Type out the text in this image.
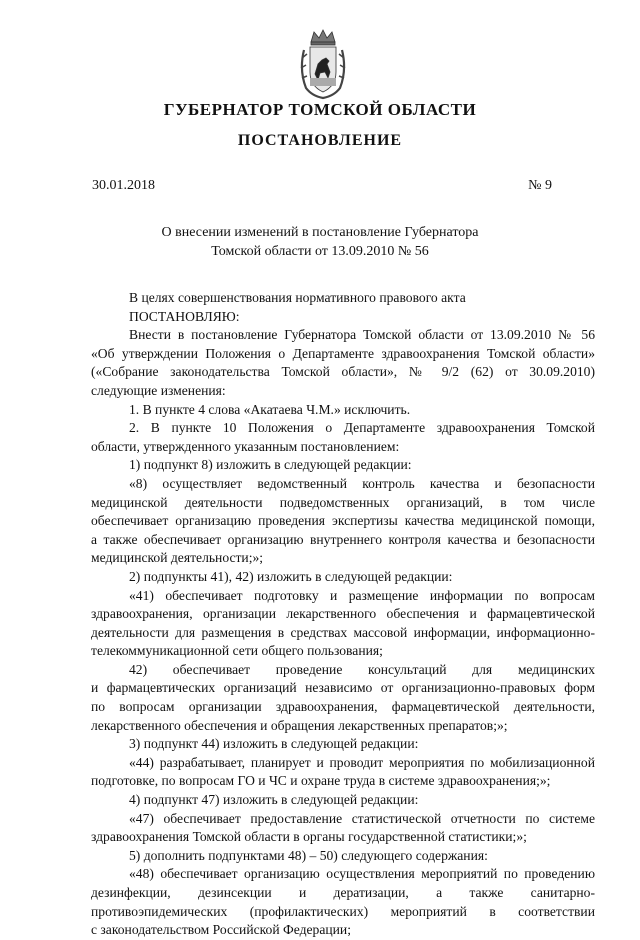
ГУБЕРНАТОР ТОМСКОЙ ОБЛАСТИ
ПОСТАНОВЛЕНИЕ
30.01.2018	№ 9
О внесении изменений в постановление Губернатора
Томской области от 13.09.2010 № 56
В целях совершенствования нормативного правового акта
ПОСТАНОВЛЯЮ:
Внести в постановление Губернатора Томской области от 13.09.2010 № 56
«Об утверждении Положения о Департаменте здравоохранения Томской области»
(«Собрание законодательства Томской области», № 9/2 (62) от 30.09.2010)
следующие изменения:
1. В пункте 4 слова «Акатаева Ч.М.» исключить.
2. В пункте 10 Положения о Департаменте здравоохранения Томской
области, утвержденного указанным постановлением:
1) подпункт 8) изложить в следующей редакции:
«8) осуществляет ведомственный контроль качества и безопасности
медицинской деятельности подведомственных организаций, в том числе
обеспечивает организацию проведения экспертизы качества медицинской помощи,
а также обеспечивает организацию внутреннего контроля качества и безопасности
медицинской деятельности;»;
2) подпункты 41), 42) изложить в следующей редакции:
«41) обеспечивает подготовку и размещение информации по вопросам
здравоохранения, организации лекарственного обеспечения и фармацевтической
деятельности для размещения в средствах массовой информации, информационно-
телекоммуникационной сети общего пользования;
42) обеспечивает проведение консультаций для медицинских
и фармацевтических организаций независимо от организационно-правовых форм
по вопросам организации здравоохранения, фармацевтической деятельности,
лекарственного обеспечения и обращения лекарственных препаратов;»;
3) подпункт 44) изложить в следующей редакции:
«44) разрабатывает, планирует и проводит мероприятия по мобилизационной
подготовке, по вопросам ГО и ЧС и охране труда в системе здравоохранения;»;
4) подпункт 47) изложить в следующей редакции:
«47) обеспечивает предоставление статистической отчетности по системе
здравоохранения Томской области в органы государственной статистики;»;
5) дополнить подпунктами 48) – 50) следующего содержания:
«48) обеспечивает организацию осуществления мероприятий по проведению
дезинфекции, дезинсекции и дератизации, а также санитарно-
противоэпидемических (профилактических) мероприятий в соответствии
с законодательством Российской Федерации;
